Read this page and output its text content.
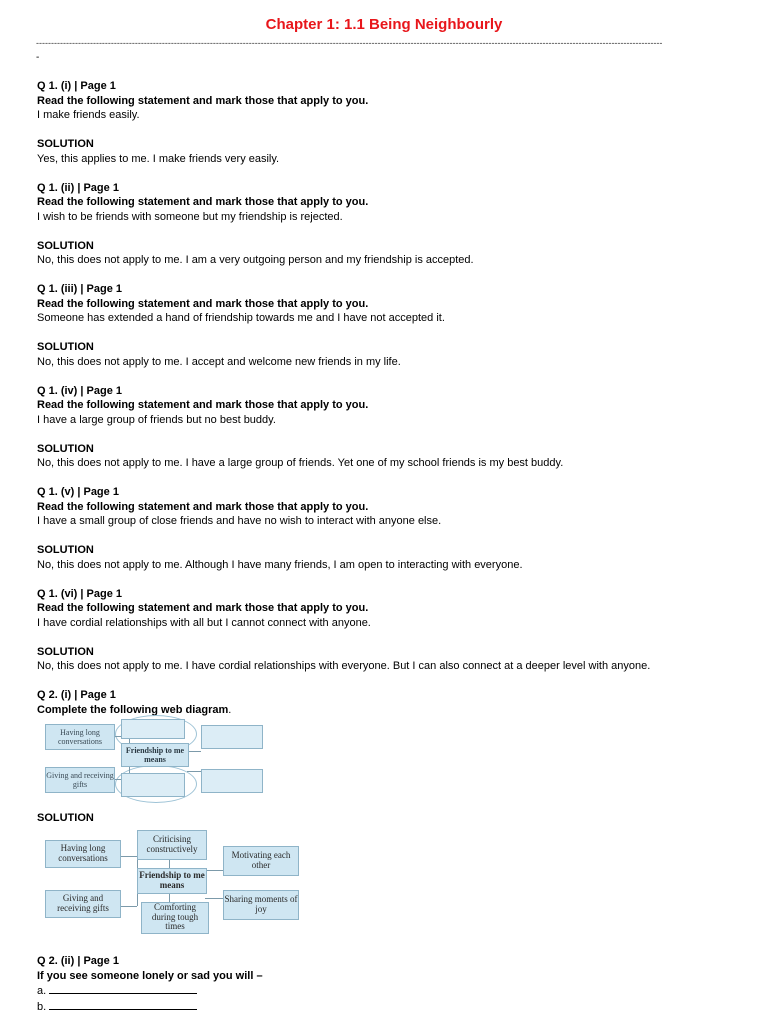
Chapter 1: 1.1 Being Neighbourly
-----------------------------------------------------------------------------------------------------------------------------------------------------------------------------------------------------------------
-
Q 1. (i) | Page 1
Read the following statement and mark those that apply to you.
I make friends easily.
SOLUTION
Yes, this applies to me. I make friends very easily.
Q 1. (ii) | Page 1
Read the following statement and mark those that apply to you.
I wish to be friends with someone but my friendship is rejected.
SOLUTION
No, this does not apply to me. I am a very outgoing person and my friendship is accepted.
Q 1. (iii) | Page 1
Read the following statement and mark those that apply to you.
Someone has extended a hand of friendship towards me and I have not accepted it.
SOLUTION
No, this does not apply to me. I accept and welcome new friends in my life.
Q 1. (iv) | Page 1
Read the following statement and mark those that apply to you.
I have a large group of friends but no best buddy.
SOLUTION
No, this does not apply to me. I have a large group of friends. Yet one of my school friends is my best buddy.
Q 1. (v) | Page 1
Read the following statement and mark those that apply to you.
I have a small group of close friends and have no wish to interact with anyone else.
SOLUTION
No, this does not apply to me. Although I have many friends, I am open to interacting with everyone.
Q 1. (vi) | Page 1
Read the following statement and mark those that apply to you.
I have cordial relationships with all but I cannot connect with anyone.
SOLUTION
No, this does not apply to me. I have cordial relationships with everyone. But I can also connect at a deeper level with anyone.
Q 2. (i) | Page 1
Complete the following web diagram.
Having long conversations
Giving and receiving gifts
Friendship to me means
SOLUTION
Having long conversations
Giving and receiving gifts
Friendship to me means
Criticising constructively
Comforting during tough times
Motivating each other
Sharing moments of joy
Q 2. (ii) | Page 1
If you see someone lonely or sad you will –
a.
b.
